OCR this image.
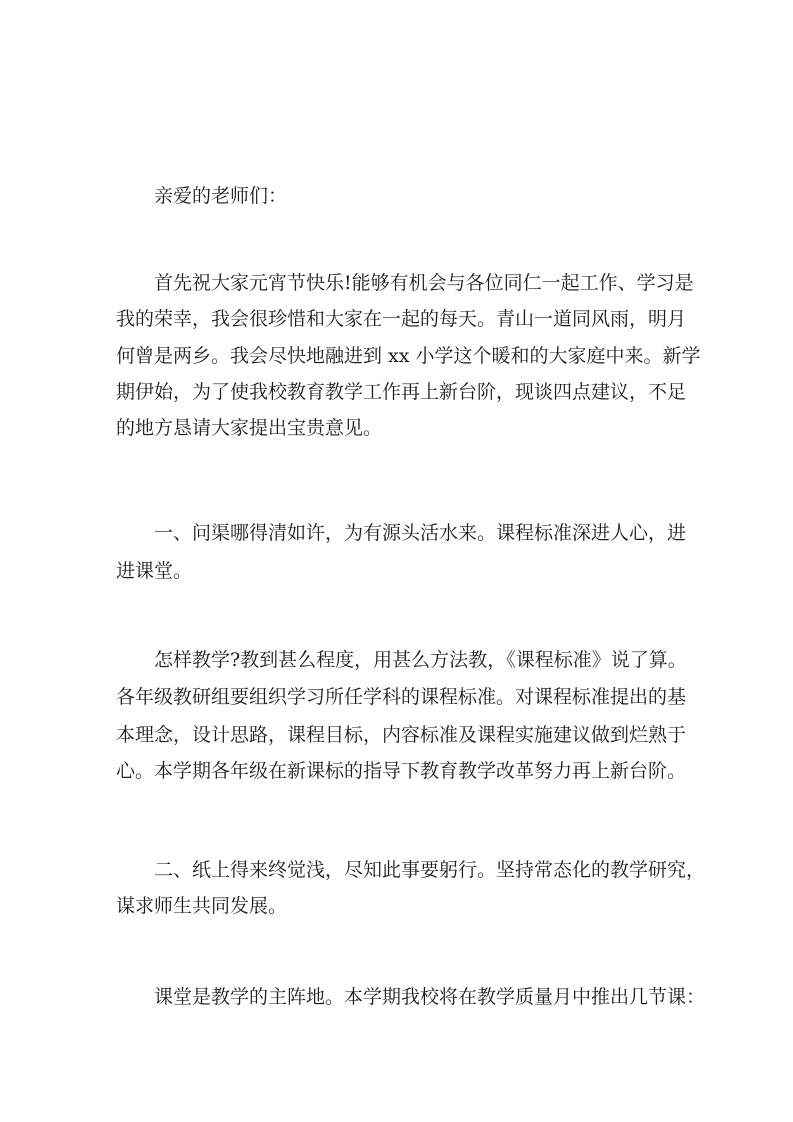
亲爱的老师们：
首先祝大家元宵节快乐!能够有机会与各位同仁一起工作、学习是
我的荣幸，我会很珍惜和大家在一起的每天。青山一道同风雨，明月
何曾是两乡。我会尽快地融进到 xx 小学这个暖和的大家庭中来。新学
期伊始，为了使我校教育教学工作再上新台阶，现谈四点建议，不足
的地方恳请大家提出宝贵意见。
一、问渠哪得清如许，为有源头活水来。课程标准深进人心，进
进课堂。
怎样教学?教到甚么程度，用甚么方法教，《课程标准》说了算。
各年级教研组要组织学习所任学科的课程标准。对课程标准提出的基
本理念，设计思路，课程目标，内容标准及课程实施建议做到烂熟于
心。本学期各年级在新课标的指导下教育教学改革努力再上新台阶。
二、纸上得来终觉浅，尽知此事要躬行。坚持常态化的教学研究，
谋求师生共同发展。
课堂是教学的主阵地。本学期我校将在教学质量月中推出几节课：
